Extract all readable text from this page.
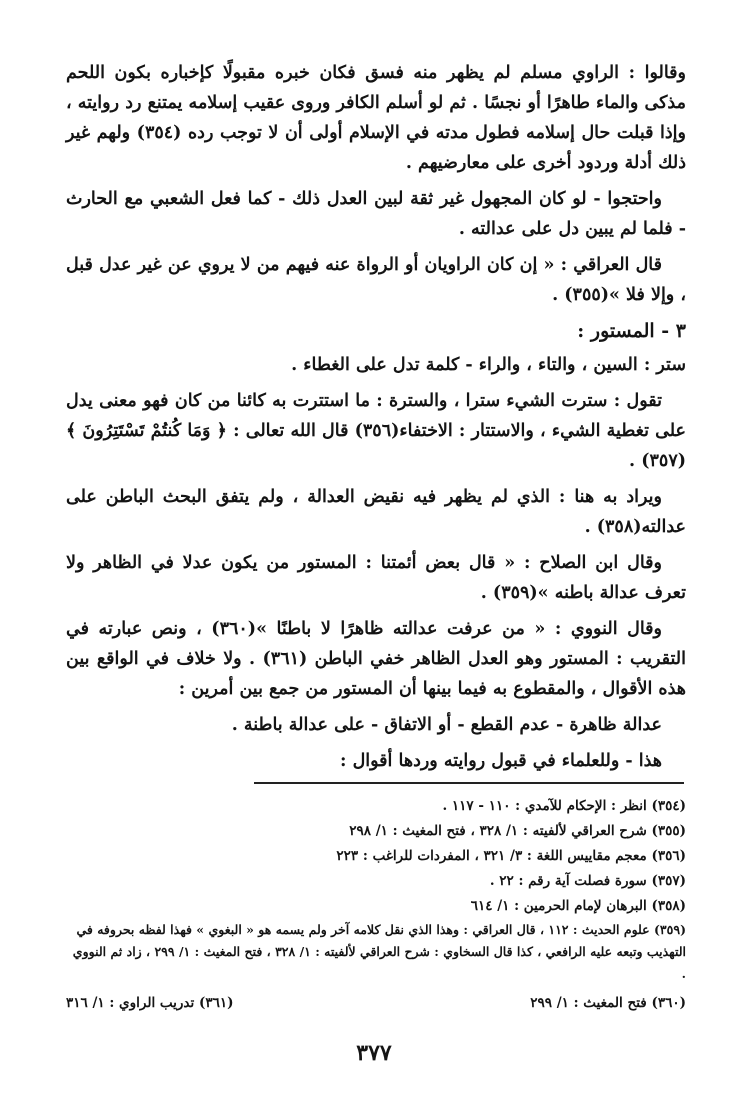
وقالوا : الراوي مسلم لم يظهر منه فسق فكان خبره مقبولًا كإخباره بكون اللحم مذكى والماء طاهرًا أو نجسًا . ثم لو أسلم الكافر وروى عقيب إسلامه يمتنع رد روايته ، وإذا قبلت حال إسلامه فطول مدته في الإسلام أولى أن لا توجب رده (٣٥٤) ولهم غير ذلك أدلة وردود أخرى على معارضيهم .

واحتجوا - لو كان المجهول غير ثقة لبين العدل ذلك - كما فعل الشعبي مع الحارث - فلما لم يبين دل على عدالته .

قال العراقي : « إن كان الراويان أو الرواة عنه فيهم من لا يروي عن غير عدل قبل ، وإلا فلا »(٣٥٥) .

٣ - المستور :

ستر : السين ، والتاء ، والراء - كلمة تدل على الغطاء .

تقول : سترت الشيء سترا ، والسترة : ما استترت به كائنا من كان فهو معنى يدل على تغطية الشيء ، والاستتار : الاختفاء(٣٥٦) قال الله تعالى : ﴿ وَمَا كُنتُمْ تَسْتَتِرُونَ ﴾(٣٥٧) .

ويراد به هنا : الذي لم يظهر فيه نقيض العدالة ، ولم يتفق البحث الباطن على عدالته(٣٥٨) .

وقال ابن الصلاح : « قال بعض أئمتنا : المستور من يكون عدلا في الظاهر ولا تعرف عدالة باطنه »(٣٥٩) .

وقال النووي : « من عرفت عدالته ظاهرًا لا باطنًا »(٣٦٠) ، ونص عبارته في التقريب : المستور وهو العدل الظاهر خفي الباطن (٣٦١) . ولا خلاف في الواقع بين هذه الأقوال ، والمقطوع به فيما بينها أن المستور من جمع بين أمرين :

عدالة ظاهرة - عدم القطع - أو الاتفاق - على عدالة باطنة .

هذا - وللعلماء في قبول روايته وردها أقوال :

(٣٥٤) انظر : الإحكام للآمدي : ١١٠ - ١١٧ .

(٣٥٥) شرح العراقي لألفيته : ١/ ٣٢٨ ، فتح المغيث : ١/ ٢٩٨

(٣٥٦) معجم مقاييس اللغة : ٣/ ٣٢١ ، المفردات للراغب : ٢٢٣

(٣٥٧) سورة فصلت آية رقم : ٢٢ .

(٣٥٨) البرهان لإمام الحرمين : ١/ ٦١٤

(٣٥٩) علوم الحديث : ١١٢ ، قال العراقي : وهذا الذي نقل كلامه آخر ولم يسمه هو « البغوي » فهذا لفظه بحروفه في التهذيب وتبعه عليه الرافعي ، كذا قال السخاوي : شرح العراقي لألفيته : ١/ ٣٢٨ ، فتح المغيث : ١/ ٢٩٩ ، زاد ثم النووي .

(٣٦٠) فتح المغيث : ١/ ٢٩٩
(٣٦١) تدريب الراوي : ١/ ٣١٦
٣٧٧
